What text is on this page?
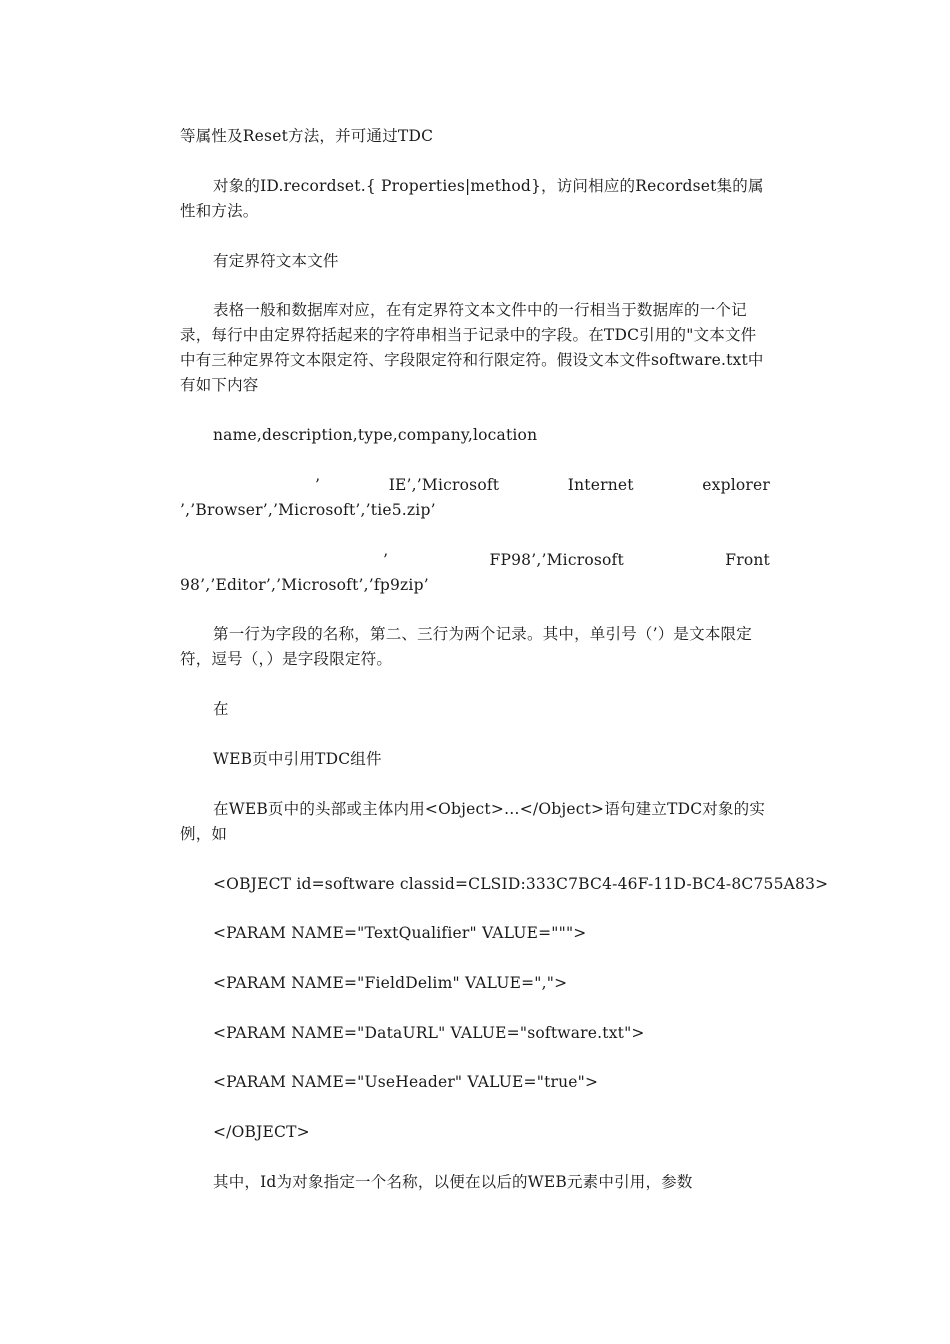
等属性及Reset方法，并可通过TDC

对象的ID.recordset.{ Properties|method}，访问相应的Recordset集的属性和方法。

有定界符文本文件

表格一般和数据库对应，在有定界符文本文件中的一行相当于数据库的一个记录，每行中由定界符括起来的字符串相当于记录中的字段。在TDC引用的"文本文件中有三种定界符文本限定符、字段限定符和行限定符。假设文本文件software.txt中有如下内容

name,description,type,company,location

’	IE’,’Microsoft	Internet	explorer
’,’Browser’,’Microsoft’,’tie5.zip’
’	FP98’,’Microsoft	Front
98’,’Editor’,’Microsoft’,’fp9zip’

第一行为字段的名称，第二、三行为两个记录。其中，单引号（’）是文本限定符，逗号（，）是字段限定符。

在

WEB页中引用TDC组件

在WEB页中的头部或主体内用<Object>…</Object>语句建立TDC对象的实例，如

<OBJECT id=software classid=CLSID:333C7BC4-46F-11D-BC4-8C755A83>

<PARAM NAME="TextQualifier" VALUE=""">

<PARAM NAME="FieldDelim" VALUE=",">

<PARAM NAME="DataURL" VALUE="software.txt">

<PARAM NAME="UseHeader" VALUE="true">

</OBJECT>

其中，Id为对象指定一个名称，以便在以后的WEB元素中引用，参数
